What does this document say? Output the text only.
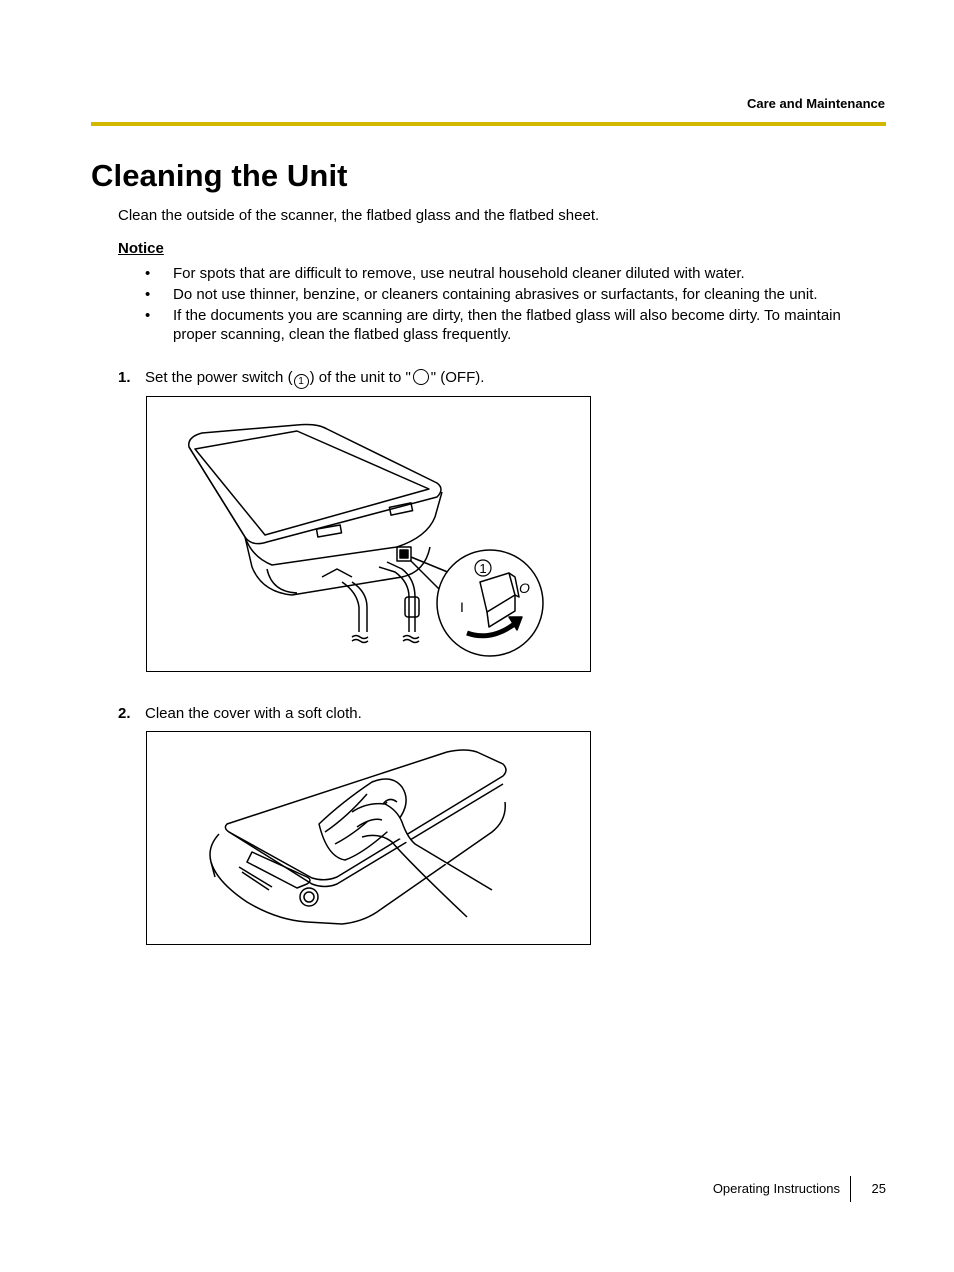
Care and Maintenance
Cleaning the Unit

Clean the outside of the scanner, the flatbed glass and the flatbed sheet.

Notice

• For spots that are difficult to remove, use neutral household cleaner diluted with water.
• Do not use thinner, benzine, or cleaners containing abrasives or surfactants, for cleaning the unit.
• If the documents you are scanning are dirty, then the flatbed glass will also become dirty. To maintain proper scanning, clean the flatbed glass frequently.

1. Set the power switch ( 1 ) of the unit to " " (OFF).

1
I
O

2. Clean the cover with a soft cloth.

Operating Instructions 25
